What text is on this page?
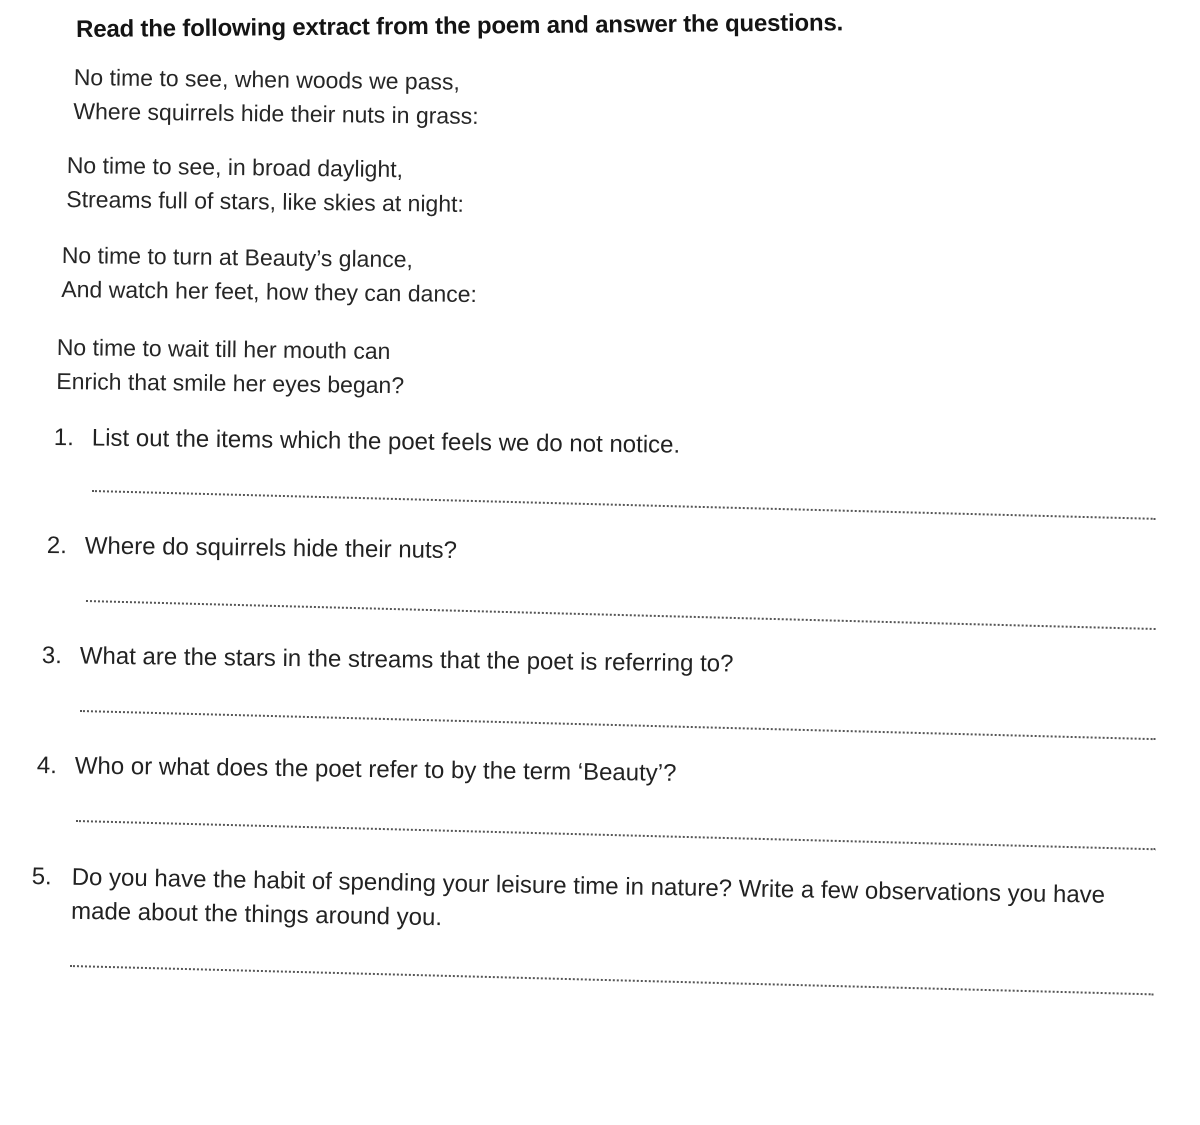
Read the following extract from the poem and answer the questions.
No time to see, when woods we pass,
Where squirrels hide their nuts in grass:
No time to see, in broad daylight,
Streams full of stars, like skies at night:
No time to turn at Beauty’s glance,
And watch her feet, how they can dance:
No time to wait till her mouth can
Enrich that smile her eyes began?
1. List out the items which the poet feels we do not notice.
2. Where do squirrels hide their nuts?
3. What are the stars in the streams that the poet is referring to?
4. Who or what does the poet refer to by the term ‘Beauty’?
5. Do you have the habit of spending your leisure time in nature? Write a few observations you have made about the things around you.
